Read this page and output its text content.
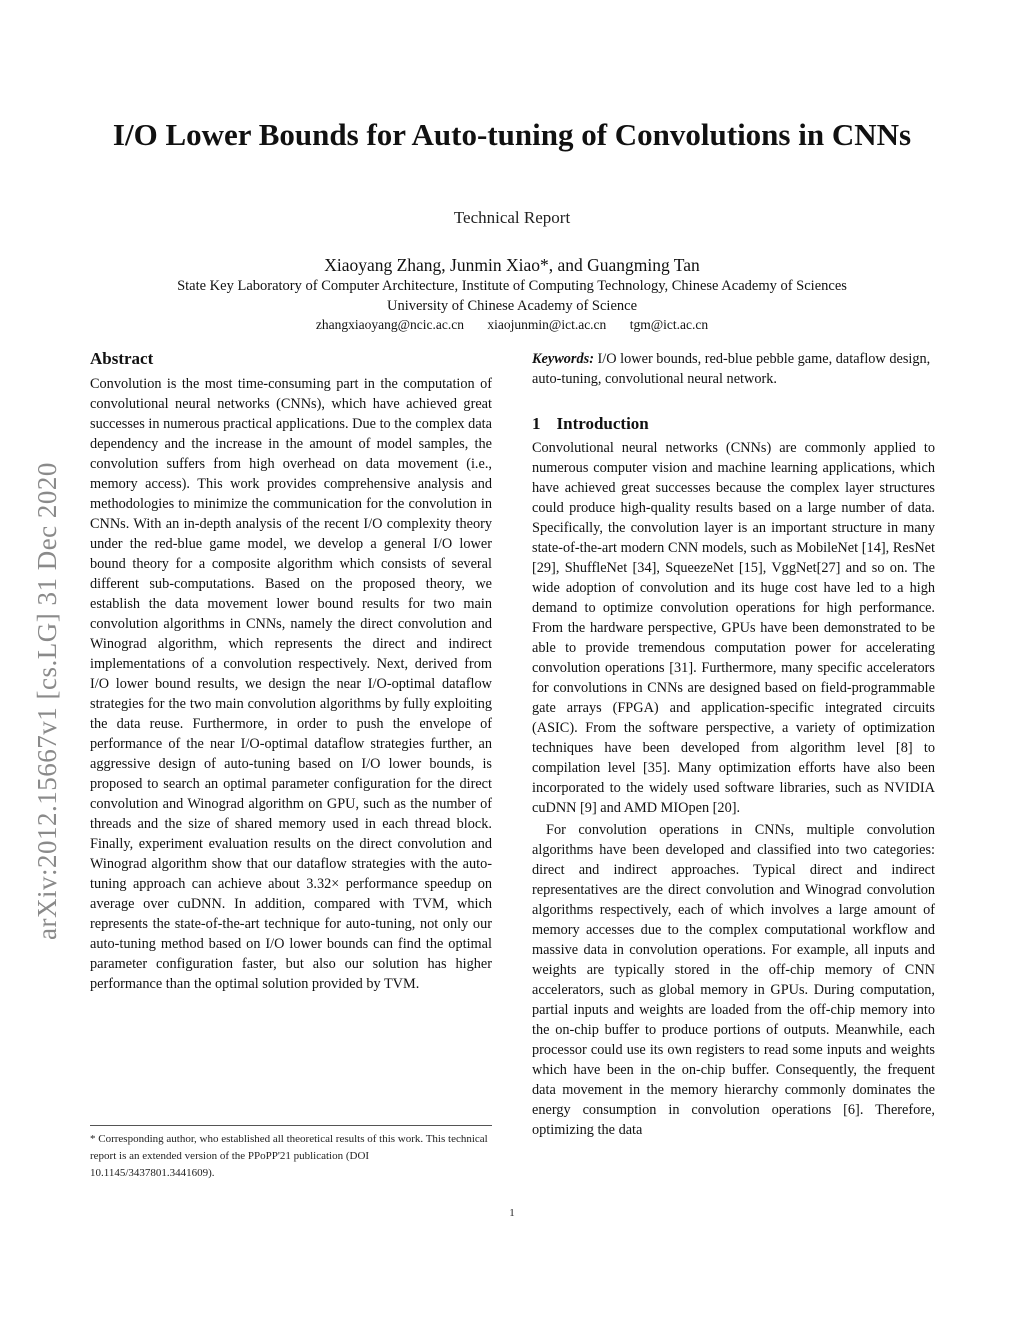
arXiv:2012.15667v1 [cs.LG] 31 Dec 2020
I/O Lower Bounds for Auto-tuning of Convolutions in CNNs
Technical Report
Xiaoyang Zhang, Junmin Xiao*, and Guangming Tan
State Key Laboratory of Computer Architecture, Institute of Computing Technology, Chinese Academy of Sciences
University of Chinese Academy of Science
zhangxiaoyang@ncic.ac.cn xiaojunmin@ict.ac.cn tgm@ict.ac.cn
Abstract

Convolution is the most time-consuming part in the computation of convolutional neural networks (CNNs), which have achieved great successes in numerous practical applications. Due to the complex data dependency and the increase in the amount of model samples, the convolution suffers from high overhead on data movement (i.e., memory access). This work provides comprehensive analysis and methodologies to minimize the communication for the convolution in CNNs. With an in-depth analysis of the recent I/O complexity theory under the red-blue game model, we develop a general I/O lower bound theory for a composite algorithm which consists of several different sub-computations. Based on the proposed theory, we establish the data movement lower bound results for two main convolution algorithms in CNNs, namely the direct convolution and Winograd algorithm, which represents the direct and indirect implementations of a convolution respectively. Next, derived from I/O lower bound results, we design the near I/O-optimal dataflow strategies for the two main convolution algorithms by fully exploiting the data reuse. Furthermore, in order to push the envelope of performance of the near I/O-optimal dataflow strategies further, an aggressive design of auto-tuning based on I/O lower bounds, is proposed to search an optimal parameter configuration for the direct convolution and Winograd algorithm on GPU, such as the number of threads and the size of shared memory used in each thread block. Finally, experiment evaluation results on the direct convolution and Winograd algorithm show that our dataflow strategies with the auto-tuning approach can achieve about 3.32× performance speedup on average over cuDNN. In addition, compared with TVM, which represents the state-of-the-art technique for auto-tuning, not only our auto-tuning method based on I/O lower bounds can find the optimal parameter configuration faster, but also our solution has higher performance than the optimal solution provided by TVM.

Keywords: I/O lower bounds, red-blue pebble game, dataflow design, auto-tuning, convolutional neural network.

1 Introduction

Convolutional neural networks (CNNs) are commonly applied to numerous computer vision and machine learning applications, which have achieved great successes because the complex layer structures could produce high-quality results based on a large number of data. Specifically, the convolution layer is an important structure in many state-of-the-art modern CNN models, such as MobileNet [14], ResNet [29], ShuffleNet [34], SqueezeNet [15], VggNet[27] and so on. The wide adoption of convolution and its huge cost have led to a high demand to optimize convolution operations for high performance. From the hardware perspective, GPUs have been demonstrated to be able to provide tremendous computation power for accelerating convolution operations [31]. Furthermore, many specific accelerators for convolutions in CNNs are designed based on field-programmable gate arrays (FPGA) and application-specific integrated circuits (ASIC). From the software perspective, a variety of optimization techniques have been developed from algorithm level [8] to compilation level [35]. Many optimization efforts have also been incorporated to the widely used software libraries, such as NVIDIA cuDNN [9] and AMD MIOpen [20].

For convolution operations in CNNs, multiple convolution algorithms have been developed and classified into two categories: direct and indirect approaches. Typical direct and indirect representatives are the direct convolution and Winograd convolution algorithms respectively, each of which involves a large amount of memory accesses due to the complex computational workflow and massive data in convolution operations. For example, all inputs and weights are typically stored in the off-chip memory of CNN accelerators, such as global memory in GPUs. During computation, partial inputs and weights are loaded from the off-chip memory into the on-chip buffer to produce portions of outputs. Meanwhile, each processor could use its own registers to read some inputs and weights which have been in the on-chip buffer. Consequently, the frequent data movement in the memory hierarchy commonly dominates the energy consumption in convolution operations [6]. Therefore, optimizing the data

* Corresponding author, who established all theoretical results of this work. This technical report is an extended version of the PPoPP'21 publication (DOI 10.1145/3437801.3441609).
1
